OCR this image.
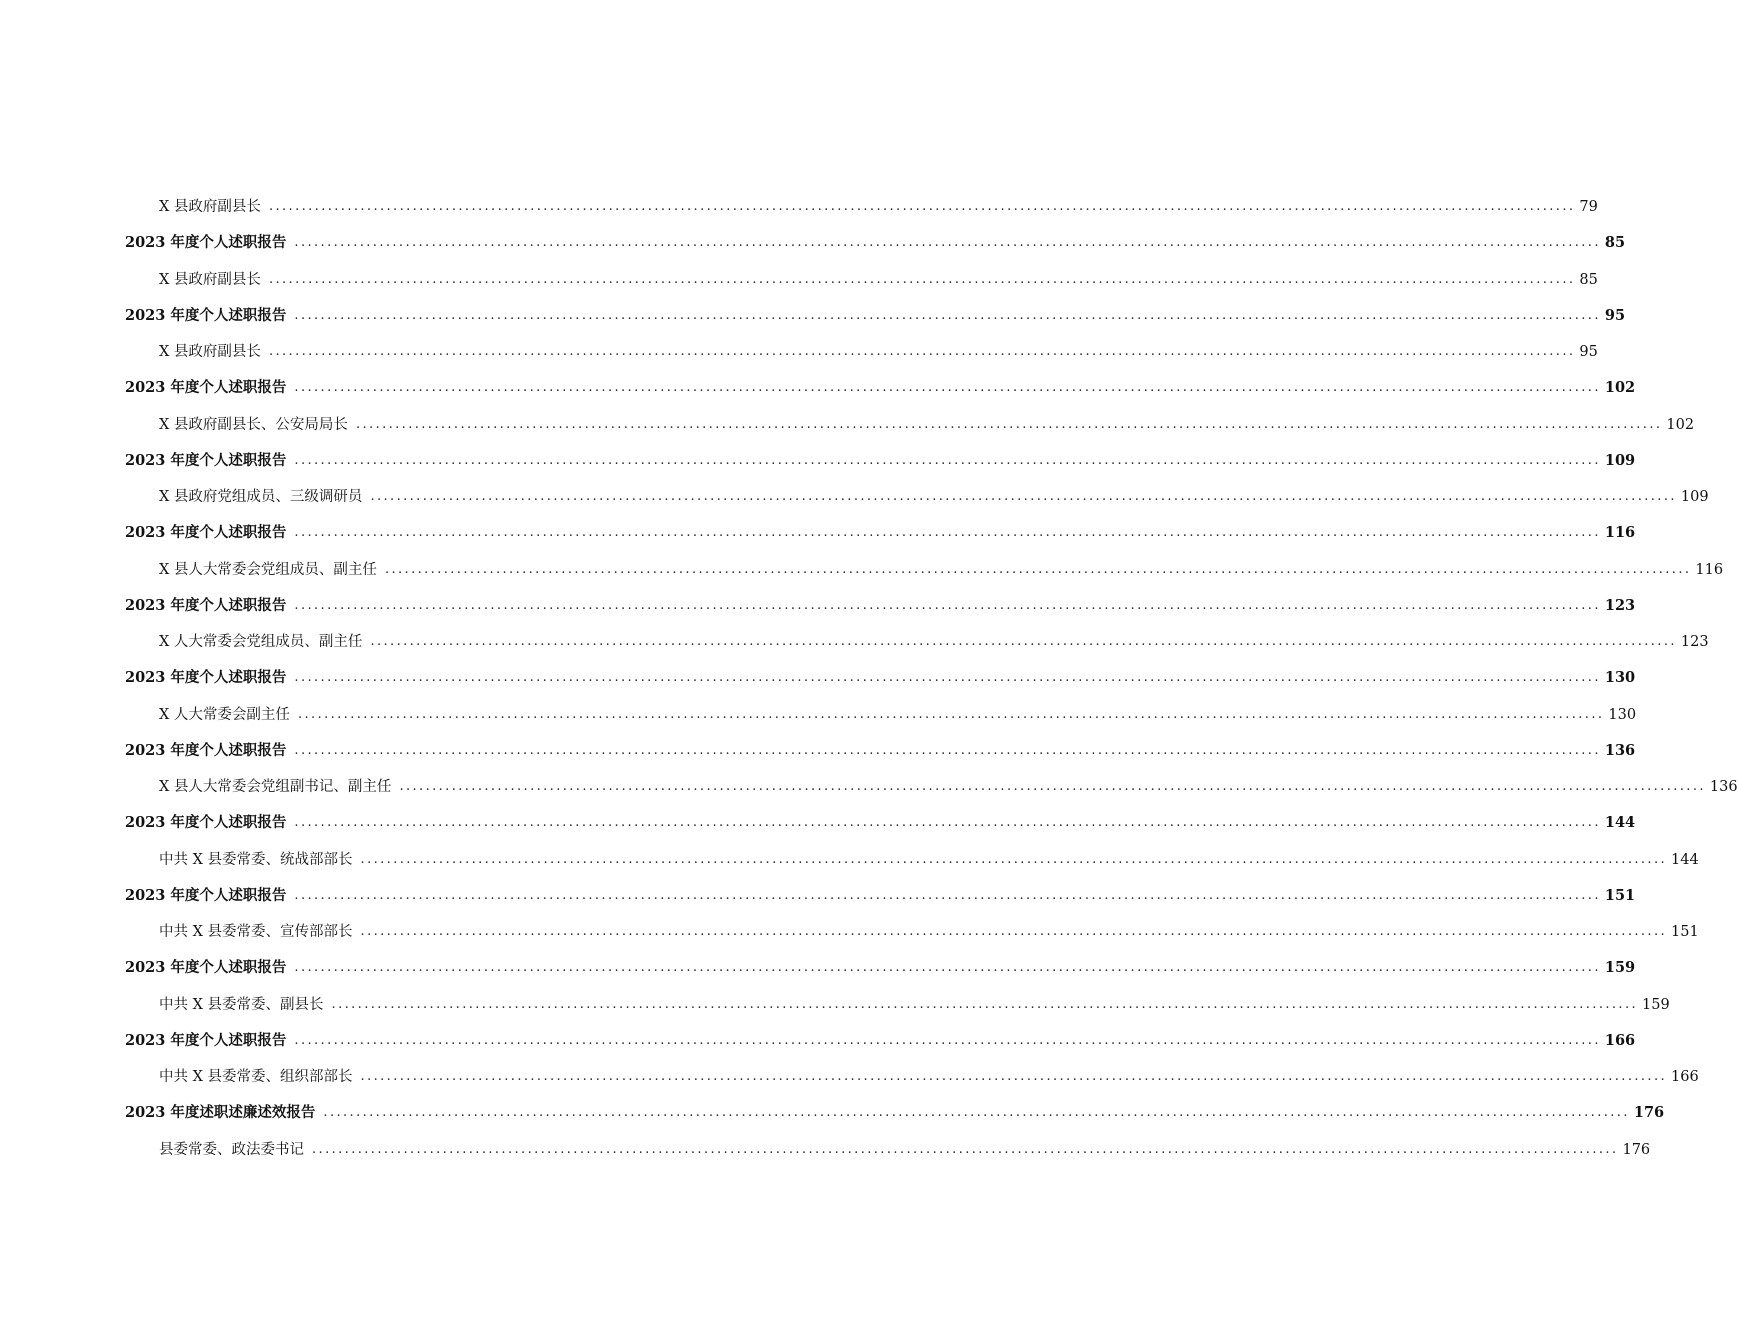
X 县政府副县长 ........................................................................................................................................................................................................ 79
2023 年度个人述职报告 ........................................................................................................................................................................................................ 85
X 县政府副县长 ........................................................................................................................................................................................................ 85
2023 年度个人述职报告 ........................................................................................................................................................................................................ 95
X 县政府副县长 ........................................................................................................................................................................................................ 95
2023 年度个人述职报告 ........................................................................................................................................................................................................ 102
X 县政府副县长、公安局局长 ........................................................................................................................................................................................................ 102
2023 年度个人述职报告 ........................................................................................................................................................................................................ 109
X 县政府党组成员、三级调研员 ........................................................................................................................................................................................................ 109
2023 年度个人述职报告 ........................................................................................................................................................................................................ 116
X 县人大常委会党组成员、副主任 ........................................................................................................................................................................................................ 116
2023 年度个人述职报告 ........................................................................................................................................................................................................ 123
X 人大常委会党组成员、副主任 ........................................................................................................................................................................................................ 123
2023 年度个人述职报告 ........................................................................................................................................................................................................ 130
X 人大常委会副主任 ........................................................................................................................................................................................................ 130
2023 年度个人述职报告 ........................................................................................................................................................................................................ 136
X 县人大常委会党组副书记、副主任 ........................................................................................................................................................................................................ 136
2023 年度个人述职报告 ........................................................................................................................................................................................................ 144
中共 X 县委常委、统战部部长 ........................................................................................................................................................................................................ 144
2023 年度个人述职报告 ........................................................................................................................................................................................................ 151
中共 X 县委常委、宣传部部长 ........................................................................................................................................................................................................ 151
2023 年度个人述职报告 ........................................................................................................................................................................................................ 159
中共 X 县委常委、副县长 ........................................................................................................................................................................................................ 159
2023 年度个人述职报告 ........................................................................................................................................................................................................ 166
中共 X 县委常委、组织部部长 ........................................................................................................................................................................................................ 166
2023 年度述职述廉述效报告 ........................................................................................................................................................................................................ 176
县委常委、政法委书记 ........................................................................................................................................................................................................ 176
